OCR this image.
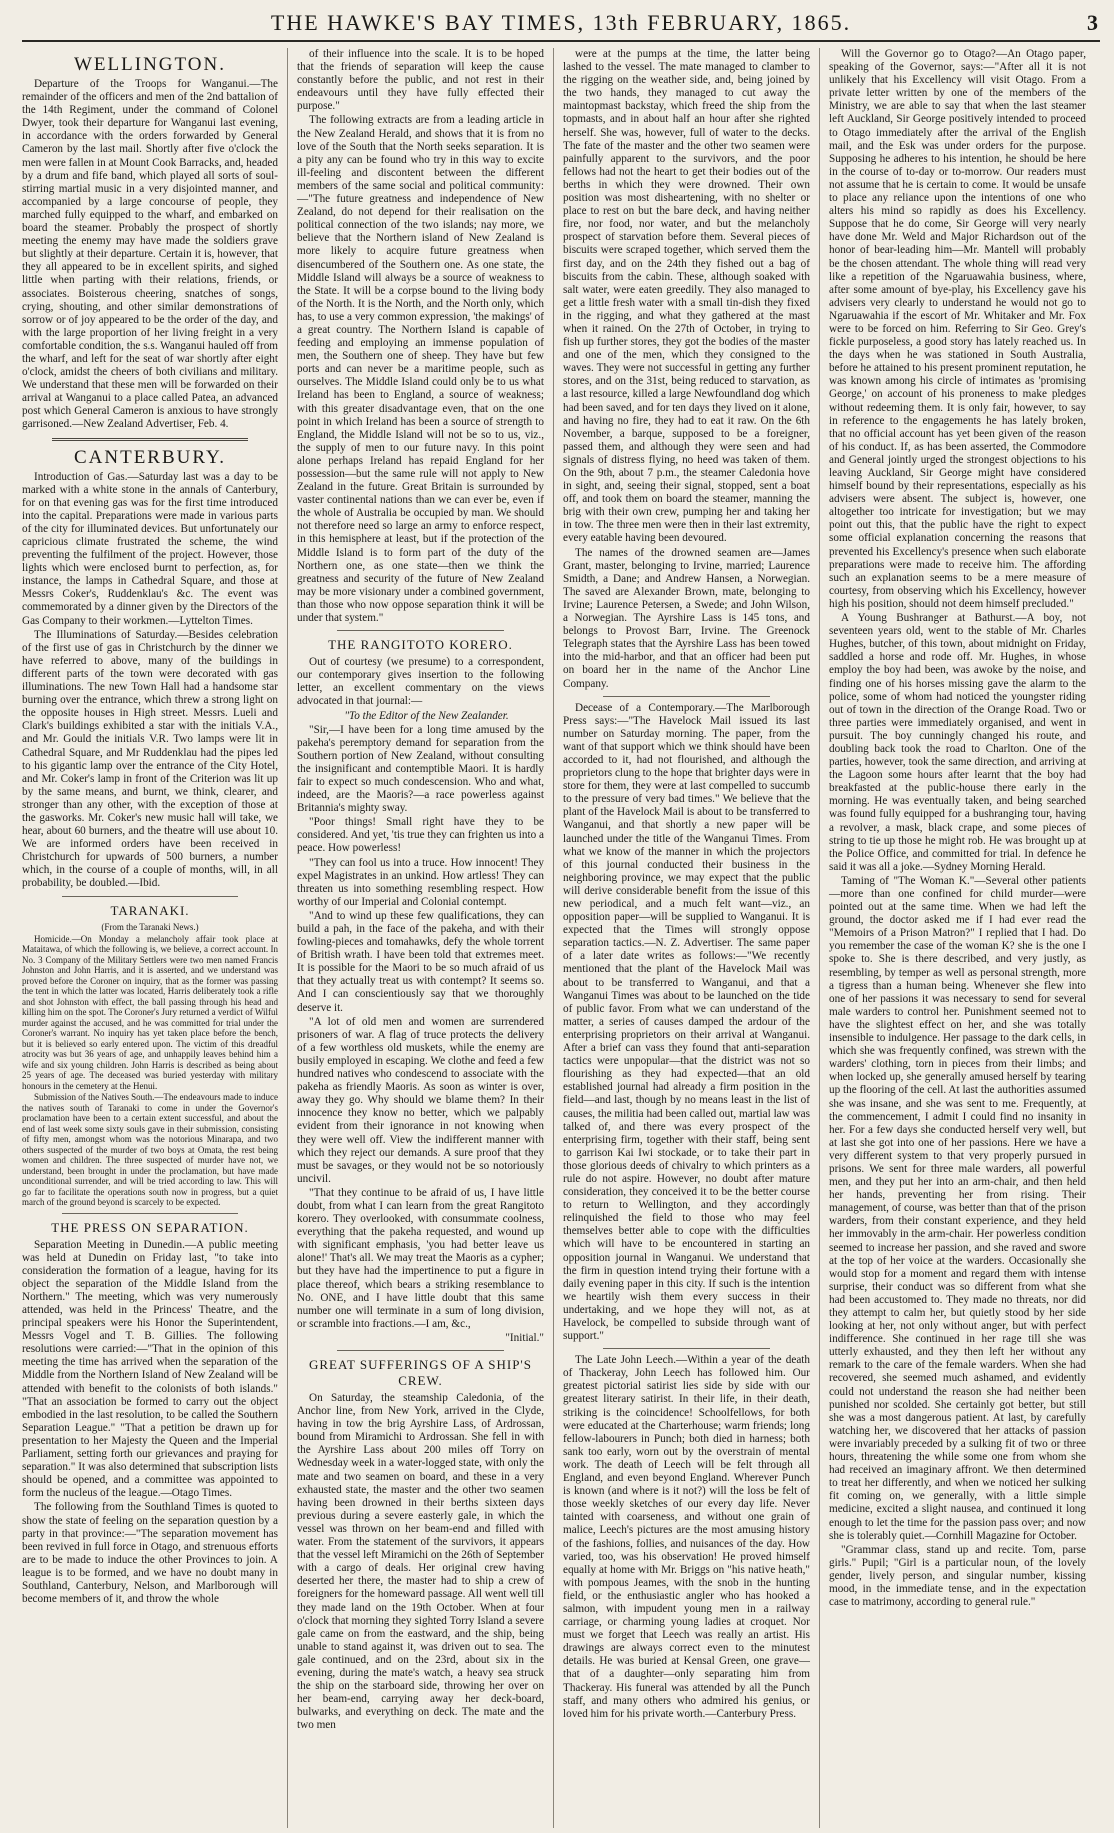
THE HAWKE'S BAY TIMES, 13th FEBRUARY, 1865.	3
WELLINGTON.

Departure of the Troops for Wanganui.—The remainder of the officers and men of the 2nd battalion of the 14th Regiment, under the command of Colonel Dwyer, took their departure for Wanganui last evening, in accordance with the orders forwarded by General Cameron by the last mail. Shortly after five o'clock the men were fallen in at Mount Cook Barracks, and, headed by a drum and fife band, which played all sorts of soul-stirring martial music in a very disjointed manner, and accompanied by a large concourse of people, they marched fully equipped to the wharf, and embarked on board the steamer. Probably the prospect of shortly meeting the enemy may have made the soldiers grave but slightly at their departure. Certain it is, however, that they all appeared to be in excellent spirits, and sighed little when parting with their relations, friends, or associates. Boisterous cheering, snatches of songs, crying, shouting, and other similar demonstrations of sorrow or of joy appeared to be the order of the day, and with the large proportion of her living freight in a very comfortable condition, the s.s. Wanganui hauled off from the wharf, and left for the seat of war shortly after eight o'clock, amidst the cheers of both civilians and military. We understand that these men will be forwarded on their arrival at Wanganui to a place called Patea, an advanced post which General Cameron is anxious to have strongly garrisoned.—New Zealand Advertiser, Feb. 4.

CANTERBURY.

Introduction of Gas.—Saturday last was a day to be marked with a white stone in the annals of Canterbury, for on that evening gas was for the first time introduced into the capital. Preparations were made in various parts of the city for illuminated devices. But unfortunately our capricious climate frustrated the scheme, the wind preventing the fulfilment of the project. However, those lights which were enclosed burnt to perfection, as, for instance, the lamps in Cathedral Square, and those at Messrs Coker's, Ruddenklau's &c. The event was commemorated by a dinner given by the Directors of the Gas Company to their workmen.—Lyttelton Times.

The Illuminations of Saturday.—Besides celebration of the first use of gas in Christchurch by the dinner we have referred to above, many of the buildings in different parts of the town were decorated with gas illuminations. The new Town Hall had a handsome star burning over the entrance, which threw a strong light on the opposite houses in High street. Messrs. Lueli and Clark's buildings exhibited a star with the initials V.A., and Mr. Gould the initials V.R. Two lamps were lit in Cathedral Square, and Mr Ruddenklau had the pipes led to his gigantic lamp over the entrance of the City Hotel, and Mr. Coker's lamp in front of the Criterion was lit up by the same means, and burnt, we think, clearer, and stronger than any other, with the exception of those at the gasworks. Mr. Coker's new music hall will take, we hear, about 60 burners, and the theatre will use about 10. We are informed orders have been received in Christchurch for upwards of 500 burners, a number which, in the course of a couple of months, will, in all probability, be doubled.—Ibid.

TARANAKI.
(From the Taranaki News.)

Homicide.—On Monday a melancholy affair took place at Mataitawa, of which the following is, we believe, a correct account. In No. 3 Company of the Military Settlers were two men named Francis Johnston and John Harris, and it is asserted, and we understand was proved before the Coroner on inquiry, that as the former was passing the tent in which the latter was located, Harris deliberately took a rifle and shot Johnston with effect, the ball passing through his head and killing him on the spot. The Coroner's Jury returned a verdict of Wilful murder against the accused, and he was committed for trial under the Coroner's warrant. No inquiry has yet taken place before the bench, but it is believed so early entered upon. The victim of this dreadful atrocity was but 36 years of age, and unhappily leaves behind him a wife and six young children. John Harris is described as being about 25 years of age. The deceased was buried yesterday with military honours in the cemetery at the Henui.

Submission of the Natives South.—The endeavours made to induce the natives south of Taranaki to come in under the Governor's proclamation have been to a certain extent successful, and about the end of last week some sixty souls gave in their submission, consisting of fifty men, amongst whom was the notorious Minarapa, and two others suspected of the murder of two boys at Omata, the rest being women and children. The three suspected of murder have not, we understand, been brought in under the proclamation, but have made unconditional surrender, and will be tried according to law. This will go far to facilitate the operations south now in progress, but a quiet march of the ground beyond is scarcely to be expected.

THE PRESS ON SEPARATION.

Separation Meeting in Dunedin.—A public meeting was held at Dunedin on Friday last, "to take into consideration the formation of a league, having for its object the separation of the Middle Island from the Northern." The meeting, which was very numerously attended, was held in the Princess' Theatre, and the principal speakers were his Honor the Superintendent, Messrs Vogel and T. B. Gillies. The following resolutions were carried:—"That in the opinion of this meeting the time has arrived when the separation of the Middle from the Northern Island of New Zealand will be attended with benefit to the colonists of both islands." "That an association be formed to carry out the object embodied in the last resolution, to be called the Southern Separation League." "That a petition be drawn up for presentation to her Majesty the Queen and the Imperial Parliament, setting forth our grievances and praying for separation." It was also determined that subscription lists should be opened, and a committee was appointed to form the nucleus of the league.—Otago Times.

The following from the Southland Times is quoted to show the state of feeling on the separation question by a party in that province:—"The separation movement has been revived in full force in Otago, and strenuous efforts are to be made to induce the other Provinces to join. A league is to be formed, and we have no doubt many in Southland, Canterbury, Nelson, and Marlborough will become members of it, and throw the whole

of their influence into the scale. It is to be hoped that the friends of separation will keep the cause constantly before the public, and not rest in their endeavours until they have fully effected their purpose."

The following extracts are from a leading article in the New Zealand Herald, and shows that it is from no love of the South that the North seeks separation. It is a pity any can be found who try in this way to excite ill-feeling and discontent between the different members of the same social and political community:—"The future greatness and independence of New Zealand, do not depend for their realisation on the political connection of the two islands; nay more, we believe that the Northern island of New Zealand is more likely to acquire future greatness when disencumbered of the Southern one. As one state, the Middle Island will always be a source of weakness to the State. It will be a corpse bound to the living body of the North. It is the North, and the North only, which has, to use a very common expression, 'the makings' of a great country. The Northern Island is capable of feeding and employing an immense population of men, the Southern one of sheep. They have but few ports and can never be a maritime people, such as ourselves. The Middle Island could only be to us what Ireland has been to England, a source of weakness; with this greater disadvantage even, that on the one point in which Ireland has been a source of strength to England, the Middle Island will not be so to us, viz., the supply of men to our future navy. In this point alone perhaps Ireland has repaid England for her possession—but the same rule will not apply to New Zealand in the future. Great Britain is surrounded by vaster continental nations than we can ever be, even if the whole of Australia be occupied by man. We should not therefore need so large an army to enforce respect, in this hemisphere at least, but if the protection of the Middle Island is to form part of the duty of the Northern one, as one state—then we think the greatness and security of the future of New Zealand may be more visionary under a combined government, than those who now oppose separation think it will be under that system."

THE RANGITOTO KORERO.

Out of courtesy (we presume) to a correspondent, our contemporary gives insertion to the following letter, an excellent commentary on the views advocated in that journal:—

"To the Editor of the New Zealander.

"Sir,—I have been for a long time amused by the pakeha's peremptory demand for separation from the Southern portion of New Zealand, without consulting the insignificant and contemptible Maori. It is hardly fair to expect so much condescension. Who and what, indeed, are the Maoris?—a race powerless against Britannia's mighty sway.

"Poor things! Small right have they to be considered. And yet, 'tis true they can frighten us into a peace. How powerless!

"They can fool us into a truce. How innocent! They expel Magistrates in an unkind. How artless! They can threaten us into something resembling respect. How worthy of our Imperial and Colonial contempt.

"And to wind up these few qualifications, they can build a pah, in the face of the pakeha, and with their fowling-pieces and tomahawks, defy the whole torrent of British wrath. I have been told that extremes meet. It is possible for the Maori to be so much afraid of us that they actually treat us with contempt? It seems so. And I can conscientiously say that we thoroughly deserve it.

"A lot of old men and women are surrendered prisoners of war. A flag of truce protects the delivery of a few worthless old muskets, while the enemy are busily employed in escaping. We clothe and feed a few hundred natives who condescend to associate with the pakeha as friendly Maoris. As soon as winter is over, away they go. Why should we blame them? In their innocence they know no better, which we palpably evident from their ignorance in not knowing when they were well off. View the indifferent manner with which they reject our demands. A sure proof that they must be savages, or they would not be so notoriously uncivil.

"That they continue to be afraid of us, I have little doubt, from what I can learn from the great Rangitoto korero. They overlooked, with consummate coolness, everything that the pakeha requested, and wound up with significant emphasis, 'you had better leave us alone!' That's all. We may treat the Maoris as a cypher; but they have had the impertinence to put a figure in place thereof, which bears a striking resemblance to No. ONE, and I have little doubt that this same number one will terminate in a sum of long division, or scramble into fractions.—I am, &c.,

"Initial."

GREAT SUFFERINGS OF A SHIP'S CREW.

On Saturday, the steamship Caledonia, of the Anchor line, from New York, arrived in the Clyde, having in tow the brig Ayrshire Lass, of Ardrossan, bound from Miramichi to Ardrossan. She fell in with the Ayrshire Lass about 200 miles off Torry on Wednesday week in a water-logged state, with only the mate and two seamen on board, and these in a very exhausted state, the master and the other two seamen having been drowned in their berths sixteen days previous during a severe easterly gale, in which the vessel was thrown on her beam-end and filled with water. From the statement of the survivors, it appears that the vessel left Miramichi on the 26th of September with a cargo of deals. Her original crew having deserted her there, the master had to ship a crew of foreigners for the homeward passage. All went well till they made land on the 19th October. When at four o'clock that morning they sighted Torry Island a severe gale came on from the eastward, and the ship, being unable to stand against it, was driven out to sea. The gale continued, and on the 23rd, about six in the evening, during the mate's watch, a heavy sea struck the ship on the starboard side, throwing her over on her beam-end, carrying away her deck-board, bulwarks, and everything on deck. The mate and the two men

were at the pumps at the time, the latter being lashed to the vessel. The mate managed to clamber to the rigging on the weather side, and, being joined by the two hands, they managed to cut away the maintopmast backstay, which freed the ship from the topmasts, and in about half an hour after she righted herself. She was, however, full of water to the decks. The fate of the master and the other two seamen were painfully apparent to the survivors, and the poor fellows had not the heart to get their bodies out of the berths in which they were drowned. Their own position was most disheartening, with no shelter or place to rest on but the bare deck, and having neither fire, nor food, nor water, and but the melancholy prospect of starvation before them. Several pieces of biscuits were scraped together, which served them the first day, and on the 24th they fished out a bag of biscuits from the cabin. These, although soaked with salt water, were eaten greedily. They also managed to get a little fresh water with a small tin-dish they fixed in the rigging, and what they gathered at the mast when it rained. On the 27th of October, in trying to fish up further stores, they got the bodies of the master and one of the men, which they consigned to the waves. They were not successful in getting any further stores, and on the 31st, being reduced to starvation, as a last resource, killed a large Newfoundland dog which had been saved, and for ten days they lived on it alone, and having no fire, they had to eat it raw. On the 6th November, a barque, supposed to be a foreigner, passed them, and although they were seen and had signals of distress flying, no heed was taken of them. On the 9th, about 7 p.m., the steamer Caledonia hove in sight, and, seeing their signal, stopped, sent a boat off, and took them on board the steamer, manning the brig with their own crew, pumping her and taking her in tow. The three men were then in their last extremity, every eatable having been devoured.

The names of the drowned seamen are—James Grant, master, belonging to Irvine, married; Laurence Smidth, a Dane; and Andrew Hansen, a Norwegian. The saved are Alexander Brown, mate, belonging to Irvine; Laurence Petersen, a Swede; and John Wilson, a Norwegian. The Ayrshire Lass is 145 tons, and belongs to Provost Barr, Irvine. The Greenock Telegraph states that the Ayrshire Lass has been towed into the mid-harbor, and that an officer had been put on board her in the name of the Anchor Line Company.

Decease of a Contemporary.—The Marlborough Press says:—"The Havelock Mail issued its last number on Saturday morning. The paper, from the want of that support which we think should have been accorded to it, had not flourished, and although the proprietors clung to the hope that brighter days were in store for them, they were at last compelled to succumb to the pressure of very bad times." We believe that the plant of the Havelock Mail is about to be transferred to Wanganui, and that shortly a new paper will be launched under the title of the Wanganui Times. From what we know of the manner in which the projectors of this journal conducted their business in the neighboring province, we may expect that the public will derive considerable benefit from the issue of this new periodical, and a much felt want—viz., an opposition paper—will be supplied to Wanganui. It is expected that the Times will strongly oppose separation tactics.—N. Z. Advertiser. The same paper of a later date writes as follows:—"We recently mentioned that the plant of the Havelock Mail was about to be transferred to Wanganui, and that a Wanganui Times was about to be launched on the tide of public favor. From what we can understand of the matter, a series of causes damped the ardour of the enterprising proprietors on their arrival at Wanganui. After a brief can vass they found that anti-separation tactics were unpopular—that the district was not so flourishing as they had expected—that an old established journal had already a firm position in the field—and last, though by no means least in the list of causes, the militia had been called out, martial law was talked of, and there was every prospect of the enterprising firm, together with their staff, being sent to garrison Kai Iwi stockade, or to take their part in those glorious deeds of chivalry to which printers as a rule do not aspire. However, no doubt after mature consideration, they conceived it to be the better course to return to Wellington, and they accordingly relinquished the field to those who may feel themselves better able to cope with the difficulties which will have to be encountered in starting an opposition journal in Wanganui. We understand that the firm in question intend trying their fortune with a daily evening paper in this city. If such is the intention we heartily wish them every success in their undertaking, and we hope they will not, as at Havelock, be compelled to subside through want of support."

The Late John Leech.—Within a year of the death of Thackeray, John Leech has followed him. Our greatest pictorial satirist lies side by side with our greatest literary satirist. In their life, in their death, striking is the coincidence! Schoolfellows, for both were educated at the Charterhouse; warm friends; long fellow-labourers in Punch; both died in harness; both sank too early, worn out by the overstrain of mental work. The death of Leech will be felt through all England, and even beyond England. Wherever Punch is known (and where is it not?) will the loss be felt of those weekly sketches of our every day life. Never tainted with coarseness, and without one grain of malice, Leech's pictures are the most amusing history of the fashions, follies, and nuisances of the day. How varied, too, was his observation! He proved himself equally at home with Mr. Briggs on "his native heath," with pompous Jeames, with the snob in the hunting field, or the enthusiastic angler who has hooked a salmon, with impudent young men in a railway carriage, or charming young ladies at croquet. Nor must we forget that Leech was really an artist. His drawings are always correct even to the minutest details. He was buried at Kensal Green, one grave—that of a daughter—only separating him from Thackeray. His funeral was attended by all the Punch staff, and many others who admired his genius, or loved him for his private worth.—Canterbury Press.

Will the Governor go to Otago?—An Otago paper, speaking of the Governor, says:—"After all it is not unlikely that his Excellency will visit Otago. From a private letter written by one of the members of the Ministry, we are able to say that when the last steamer left Auckland, Sir George positively intended to proceed to Otago immediately after the arrival of the English mail, and the Esk was under orders for the purpose. Supposing he adheres to his intention, he should be here in the course of to-day or to-morrow. Our readers must not assume that he is certain to come. It would be unsafe to place any reliance upon the intentions of one who alters his mind so rapidly as does his Excellency. Suppose that he do come, Sir George will very nearly have done Mr. Weld and Major Richardson out of the honor of bear-leading him—Mr. Mantell will probably be the chosen attendant. The whole thing will read very like a repetition of the Ngaruawahia business, where, after some amount of bye-play, his Excellency gave his advisers very clearly to understand he would not go to Ngaruawahia if the escort of Mr. Whitaker and Mr. Fox were to be forced on him. Referring to Sir Geo. Grey's fickle purposeless, a good story has lately reached us. In the days when he was stationed in South Australia, before he attained to his present prominent reputation, he was known among his circle of intimates as 'promising George,' on account of his proneness to make pledges without redeeming them. It is only fair, however, to say in reference to the engagements he has lately broken, that no official account has yet been given of the reason of his conduct. If, as has been asserted, the Commodore and General jointly urged the strongest objections to his leaving Auckland, Sir George might have considered himself bound by their representations, especially as his advisers were absent. The subject is, however, one altogether too intricate for investigation; but we may point out this, that the public have the right to expect some official explanation concerning the reasons that prevented his Excellency's presence when such elaborate preparations were made to receive him. The affording such an explanation seems to be a mere measure of courtesy, from observing which his Excellency, however high his position, should not deem himself precluded."

A Young Bushranger at Bathurst.—A boy, not seventeen years old, went to the stable of Mr. Charles Hughes, butcher, of this town, about midnight on Friday, saddled a horse and rode off. Mr. Hughes, in whose employ the boy had been, was awoke by the noise, and finding one of his horses missing gave the alarm to the police, some of whom had noticed the youngster riding out of town in the direction of the Orange Road. Two or three parties were immediately organised, and went in pursuit. The boy cunningly changed his route, and doubling back took the road to Charlton. One of the parties, however, took the same direction, and arriving at the Lagoon some hours after learnt that the boy had breakfasted at the public-house there early in the morning. He was eventually taken, and being searched was found fully equipped for a bushranging tour, having a revolver, a mask, black crape, and some pieces of string to tie up those he might rob. He was brought up at the Police Office, and committed for trial. In defence he said it was all a joke.—Sydney Morning Herald.

Taming of "The Woman K."—Several other patients—more than one confined for child murder—were pointed out at the same time. When we had left the ground, the doctor asked me if I had ever read the "Memoirs of a Prison Matron?" I replied that I had. Do you remember the case of the woman K? she is the one I spoke to. She is there described, and very justly, as resembling, by temper as well as personal strength, more a tigress than a human being. Whenever she flew into one of her passions it was necessary to send for several male warders to control her. Punishment seemed not to have the slightest effect on her, and she was totally insensible to indulgence. Her passage to the dark cells, in which she was frequently confined, was strewn with the warders' clothing, torn in pieces from their limbs; and when locked up, she generally amused herself by tearing up the flooring of the cell. At last the authorities assumed she was insane, and she was sent to me. Frequently, at the commencement, I admit I could find no insanity in her. For a few days she conducted herself very well, but at last she got into one of her passions. Here we have a very different system to that very properly pursued in prisons. We sent for three male warders, all powerful men, and they put her into an arm-chair, and then held her hands, preventing her from rising. Their management, of course, was better than that of the prison warders, from their constant experience, and they held her immovably in the arm-chair. Her powerless condition seemed to increase her passion, and she raved and swore at the top of her voice at the warders. Occasionally she would stop for a moment and regard them with intense surprise, their conduct was so different from what she had been accustomed to. They made no threats, nor did they attempt to calm her, but quietly stood by her side looking at her, not only without anger, but with perfect indifference. She continued in her rage till she was utterly exhausted, and they then left her without any remark to the care of the female warders. When she had recovered, she seemed much ashamed, and evidently could not understand the reason she had neither been punished nor scolded. She certainly got better, but still she was a most dangerous patient. At last, by carefully watching her, we discovered that her attacks of passion were invariably preceded by a sulking fit of two or three hours, threatening the while some one from whom she had received an imaginary affront. We then determined to treat her differently, and when we noticed her sulking fit coming on, we generally, with a little simple medicine, excited a slight nausea, and continued it long enough to let the time for the passion pass over; and now she is tolerably quiet.—Cornhill Magazine for October.

"Grammar class, stand up and recite. Tom, parse girls." Pupil; "Girl is a particular noun, of the lovely gender, lively person, and singular number, kissing mood, in the immediate tense, and in the expectation case to matrimony, according to general rule."
